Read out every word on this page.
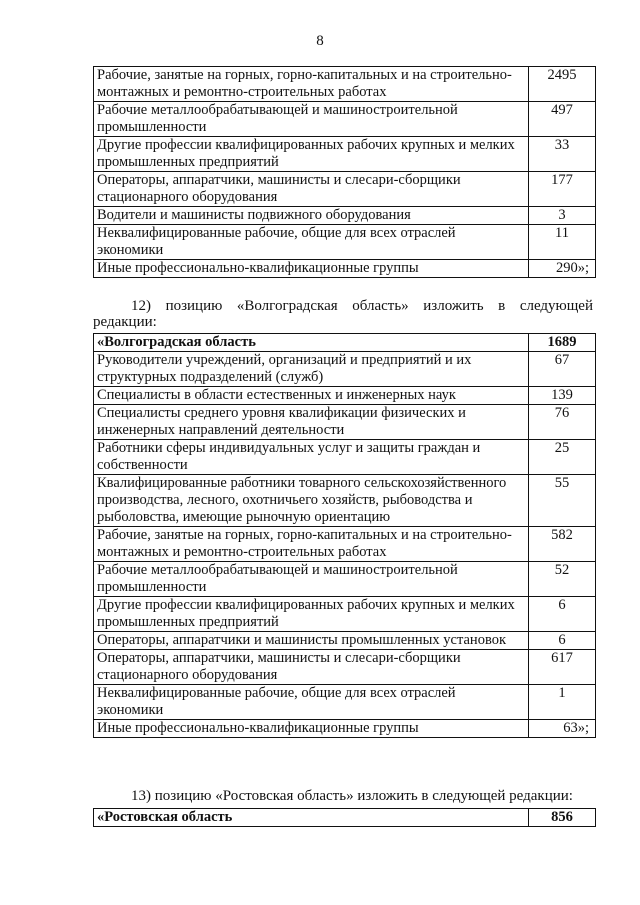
8
Рабочие, занятые на горных, горно-капитальных и на строительно-монтажных и ремонтно-строительных работах	2495
Рабочие металлообрабатывающей и машиностроительной промышленности	497
Другие профессии квалифицированных рабочих крупных и мелких промышленных предприятий	33
Операторы, аппаратчики, машинисты и слесари-сборщики стационарного оборудования	177
Водители и машинисты подвижного оборудования	3
Неквалифицированные рабочие, общие для всех отраслей экономики	11
Иные профессионально-квалификационные группы	290»;
12) позицию «Волгоградская область» изложить в следующей
редакции:
«Волгоградская область	1689
Руководители учреждений, организаций и предприятий и их структурных подразделений (служб)	67
Специалисты в области естественных и инженерных наук	139
Специалисты среднего уровня квалификации физических и инженерных направлений деятельности	76
Работники сферы индивидуальных услуг и защиты граждан и собственности	25
Квалифицированные работники товарного сельскохозяйственного производства, лесного, охотничьего хозяйств, рыбоводства и рыболовства, имеющие рыночную ориентацию	55
Рабочие, занятые на горных, горно-капитальных и на строительно-монтажных и ремонтно-строительных работах	582
Рабочие металлообрабатывающей и машиностроительной промышленности	52
Другие профессии квалифицированных рабочих крупных и мелких промышленных предприятий	6
Операторы, аппаратчики и машинисты промышленных установок	6
Операторы, аппаратчики, машинисты и слесари-сборщики стационарного оборудования	617
Неквалифицированные рабочие, общие для всех отраслей экономики	1
Иные профессионально-квалификационные группы	63»;
13) позицию «Ростовская область» изложить в следующей редакции:
«Ростовская область	856
